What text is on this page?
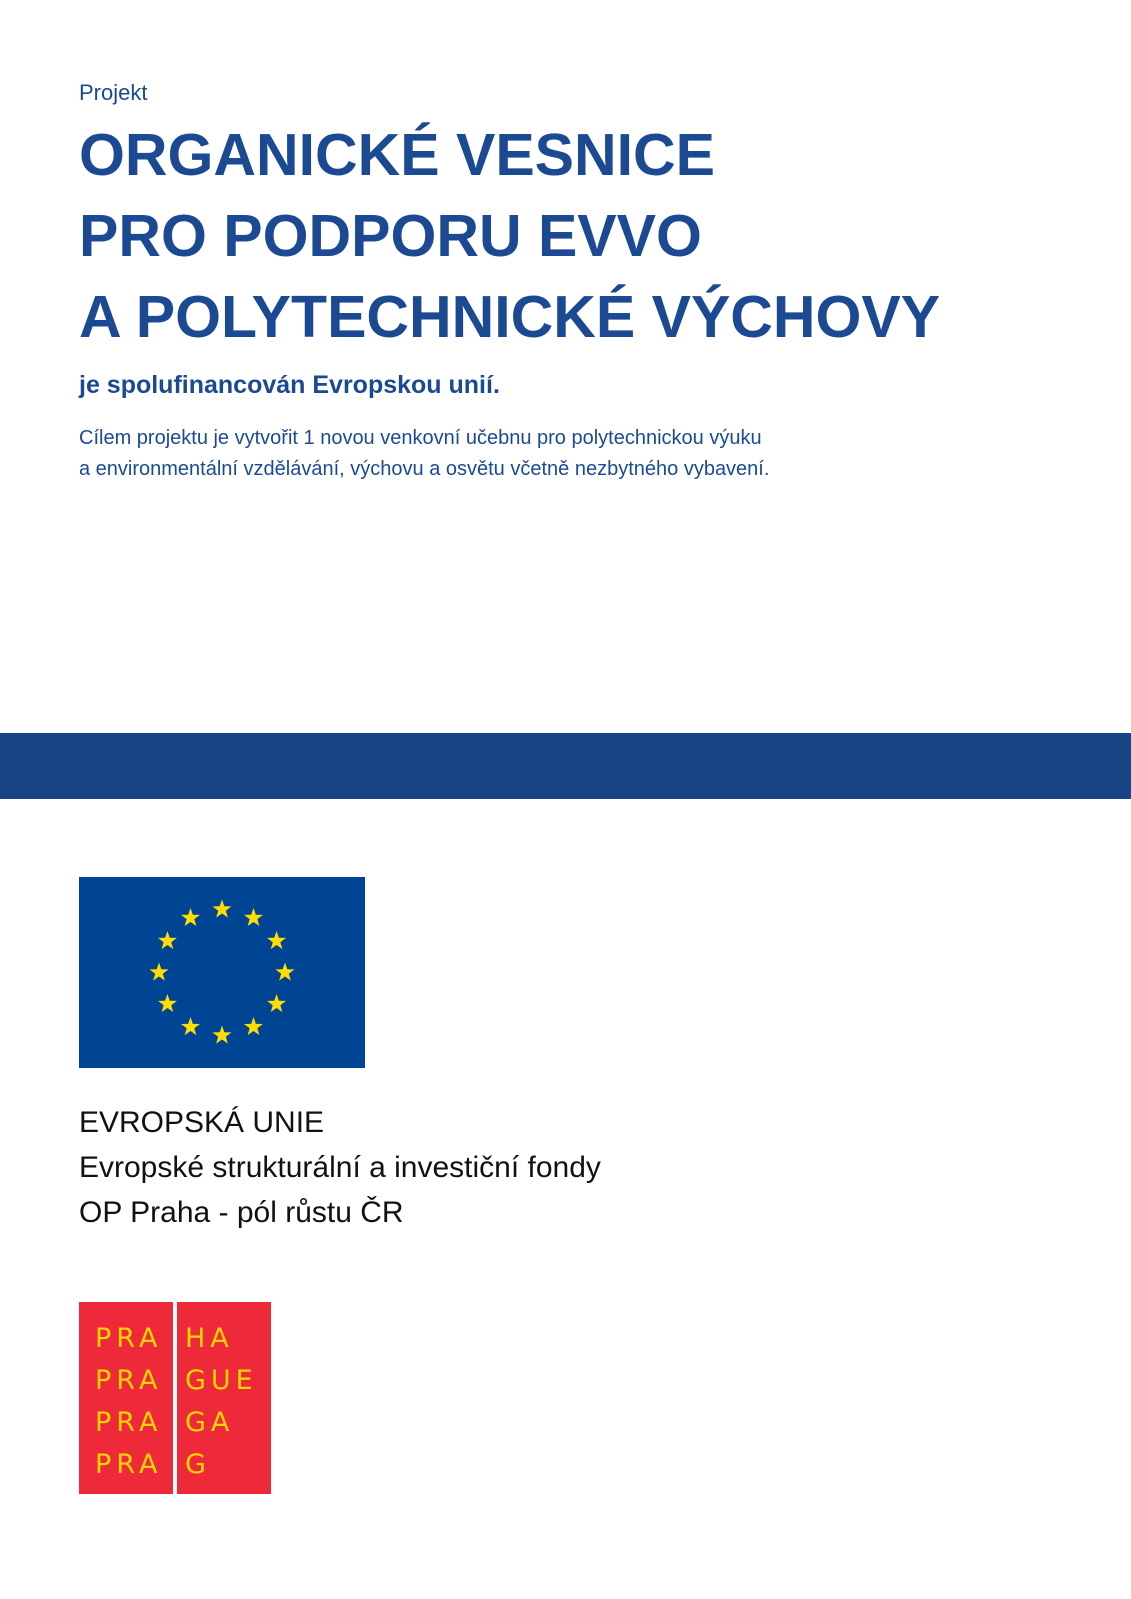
Projekt
ORGANICKÉ VESNICE
PRO PODPORU EVVO
A POLYTECHNICKÉ VÝCHOVY
je spolufinancován Evropskou unií.
Cílem projektu je vytvořit 1 novou venkovní učebnu pro polytechnickou výuku
a environmentální vzdělávání, výchovu a osvětu včetně nezbytného vybavení.
EVROPSKÁ UNIE
Evropské strukturální a investiční fondy
OP Praha - pól růstu ČR
PRA
PRA
PRA
PRA
HA
GUE
GA
G
